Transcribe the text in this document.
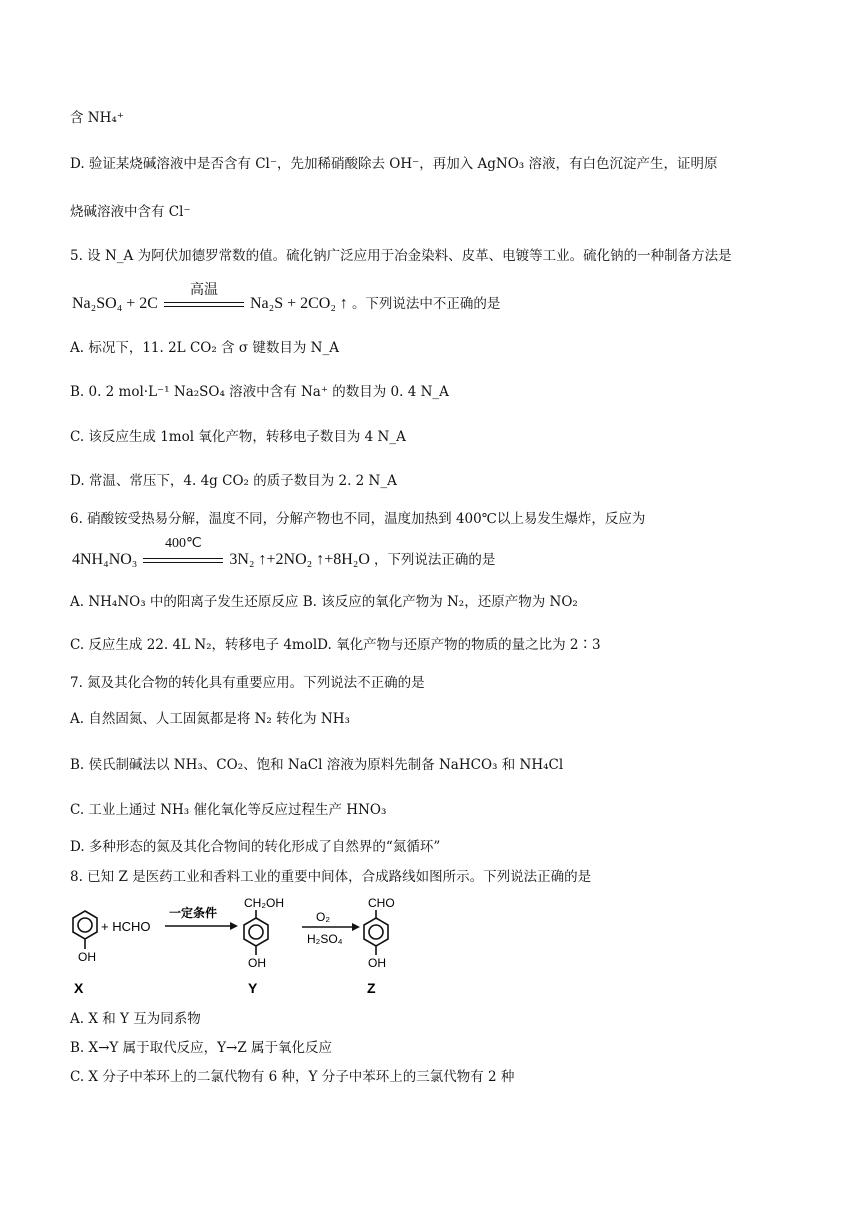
含 NH₄⁺
D. 验证某烧碱溶液中是否含有 Cl⁻，先加稀硝酸除去 OH⁻，再加入 AgNO₃ 溶液，有白色沉淀产生，证明原
烧碱溶液中含有 Cl⁻
5. 设 N_A 为阿伏加德罗常数的值。硫化钠广泛应用于冶金染料、皮革、电镀等工业。硫化钠的一种制备方法是
Na₂SO₄ + 2C
高温
Na₂S + 2CO₂ ↑ 。下列说法中不正确的是
A. 标况下，11. 2L CO₂ 含 σ 键数目为 N_A
B. 0. 2 mol·L⁻¹ Na₂SO₄ 溶液中含有 Na⁺ 的数目为 0. 4 N_A
C. 该反应生成 1mol 氧化产物，转移电子数目为 4 N_A
D. 常温、常压下，4. 4g CO₂ 的质子数目为 2. 2 N_A
6. 硝酸铵受热易分解，温度不同，分解产物也不同，温度加热到 400℃以上易发生爆炸，反应为
4NH₄NO₃
400℃
3N₂ ↑+2NO₂ ↑+8H₂O ，下列说法正确的是
A. NH₄NO₃ 中的阳离子发生还原反应 B. 该反应的氧化产物为 N₂，还原产物为 NO₂
C. 反应生成 22. 4L N₂，转移电子 4molD. 氧化产物与还原产物的物质的量之比为 2∶3
7. 氮及其化合物的转化具有重要应用。下列说法不正确的是
A. 自然固氮、人工固氮都是将 N₂ 转化为 NH₃
B. 侯氏制碱法以 NH₃、CO₂、饱和 NaCl 溶液为原料先制备 NaHCO₃ 和 NH₄Cl
C. 工业上通过 NH₃ 催化氧化等反应过程生产 HNO₃
D. 多种形态的氮及其化合物间的转化形成了自然界的“氮循环”
8. 已知 Z 是医药工业和香料工业的重要中间体，合成路线如图所示。下列说法正确的是
OH
X
+ HCHO
一定条件
CH₂OH
OH
Y
O₂
H₂SO₄
CHO
OH
Z
A. X 和 Y 互为同系物
B. X→Y 属于取代反应，Y→Z 属于氧化反应
C. X 分子中苯环上的二氯代物有 6 种，Y 分子中苯环上的三氯代物有 2 种
